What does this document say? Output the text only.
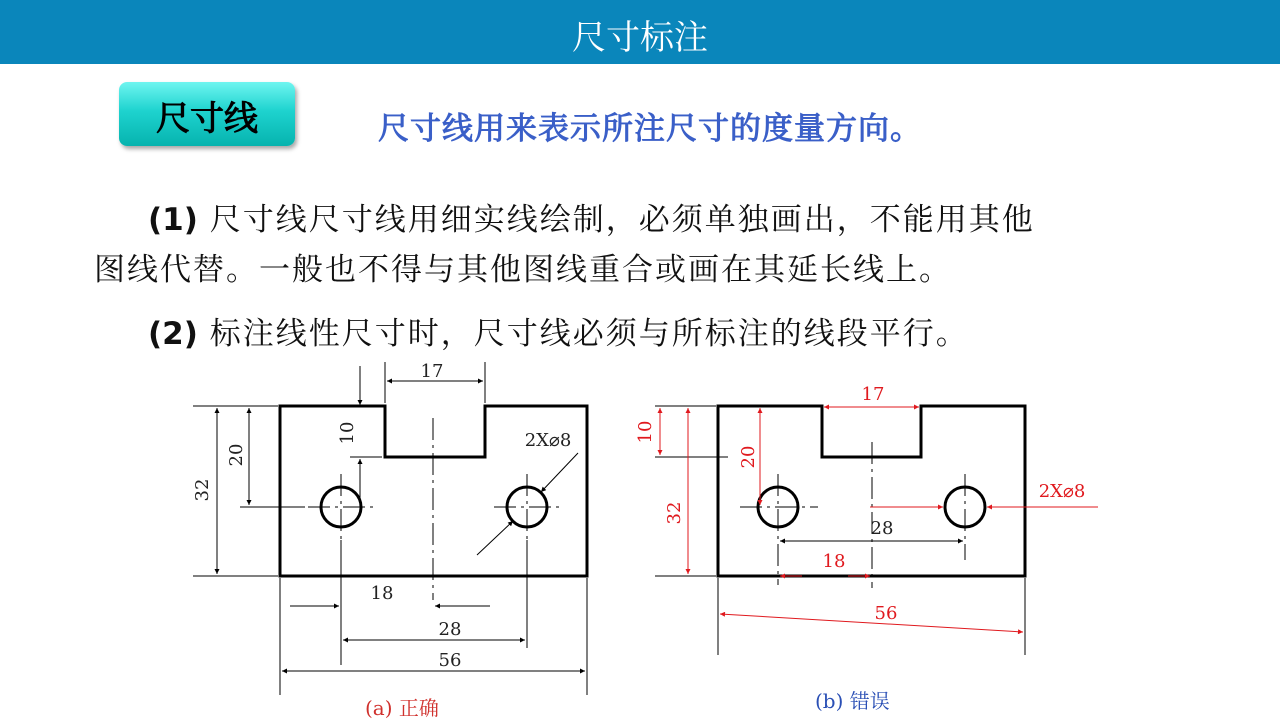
尺寸标注
尺寸线	尺寸线用来表示所注尺寸的度量方向。
(1) 尺寸线尺寸线用细实线绘制，必须单独画出，不能用其他
图线代替。一般也不得与其他图线重合或画在其延长线上。
(2) 标注线性尺寸时，尺寸线必须与所标注的线段平行。
17
10
20
32
2X⌀8
18
28
56
17
10
20
32
2X⌀8
28
18
56
(a) 正确	(b) 错误
